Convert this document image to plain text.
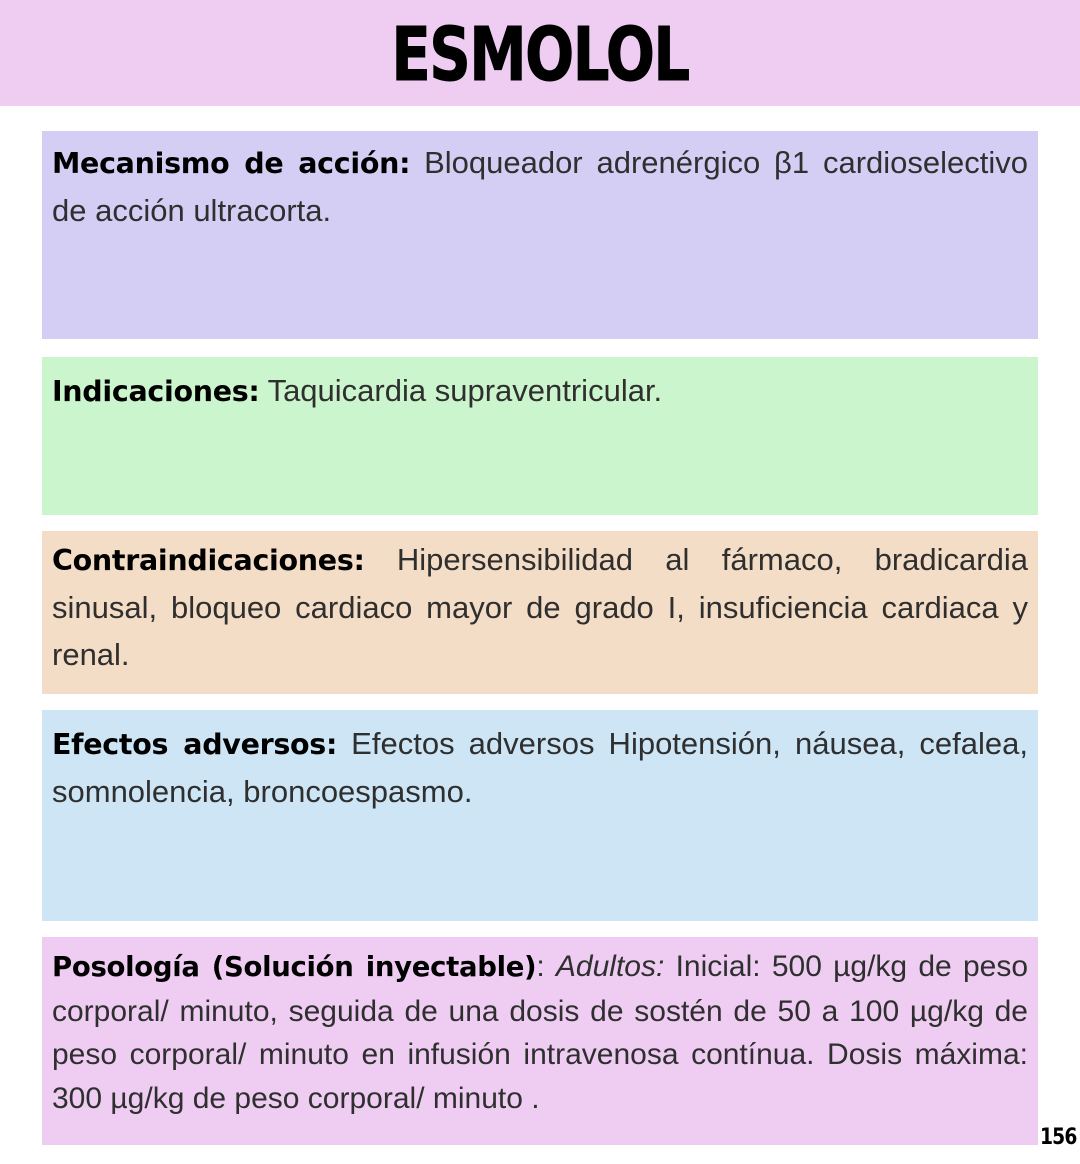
ESMOLOL

Mecanismo de acción: Bloqueador adrenérgico β1 cardioselectivo de acción ultracorta.

Indicaciones: Taquicardia supraventricular.

Contraindicaciones: Hipersensibilidad al fármaco, bradicardia sinusal, bloqueo cardiaco mayor de grado I, insuficiencia cardiaca y renal.

Efectos adversos: Efectos adversos Hipotensión, náusea, cefalea, somnolencia, broncoespasmo.

Posología (Solución inyectable): Adultos: Inicial: 500 µg/kg de peso corporal/ minuto, seguida de una dosis de sostén de 50 a 100 µg/kg de peso corporal/ minuto en infusión intravenosa contínua. Dosis máxima: 300 µg/kg de peso corporal/ minuto .

156
